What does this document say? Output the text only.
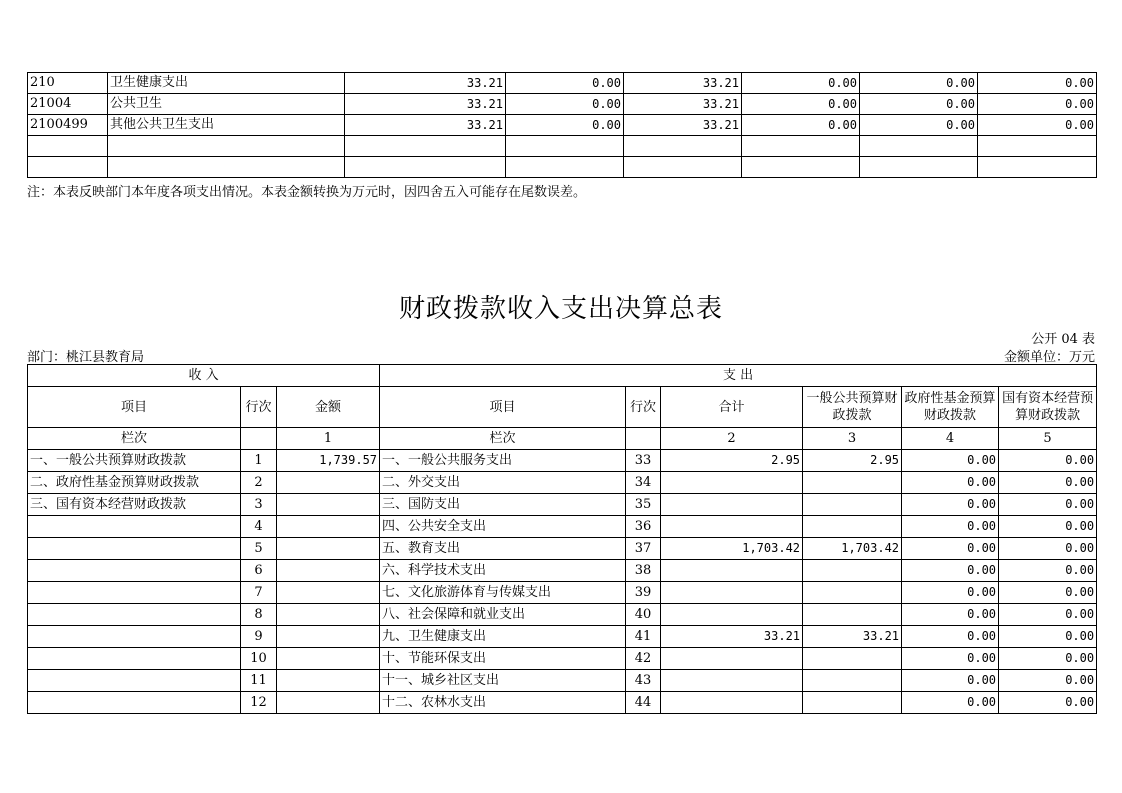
210	卫生健康支出	33.21	0.00	33.21	0.00	0.00	0.00
21004	公共卫生	33.21	0.00	33.21	0.00	0.00	0.00
2100499	其他公共卫生支出	33.21	0.00	33.21	0.00	0.00	0.00

注：本表反映部门本年度各项支出情况。本表金额转换为万元时，因四舍五入可能存在尾数误差。
财政拨款收入支出决算总表
公开 04 表
部门：桃江县教育局	金额单位：万元
收 入			支 出					
项目	行次	金额	项目	行次	合计	一般公共预算财政拨款	政府性基金预算财政拨款	国有资本经营预算财政拨款
栏次		1	栏次		2	3	4	5
一、一般公共预算财政拨款	1	1,739.57	一、一般公共服务支出	33	2.95	2.95	0.00	0.00
二、政府性基金预算财政拨款	2		二、外交支出	34			0.00	0.00
三、国有资本经营财政拨款	3		三、国防支出	35			0.00	0.00
	4		四、公共安全支出	36			0.00	0.00
	5		五、教育支出	37	1,703.42	1,703.42	0.00	0.00
	6		六、科学技术支出	38			0.00	0.00
	7		七、文化旅游体育与传媒支出	39			0.00	0.00
	8		八、社会保障和就业支出	40			0.00	0.00
	9		九、卫生健康支出	41	33.21	33.21	0.00	0.00
	10		十、节能环保支出	42			0.00	0.00
	11		十一、城乡社区支出	43			0.00	0.00
	12		十二、农林水支出	44			0.00	0.00
